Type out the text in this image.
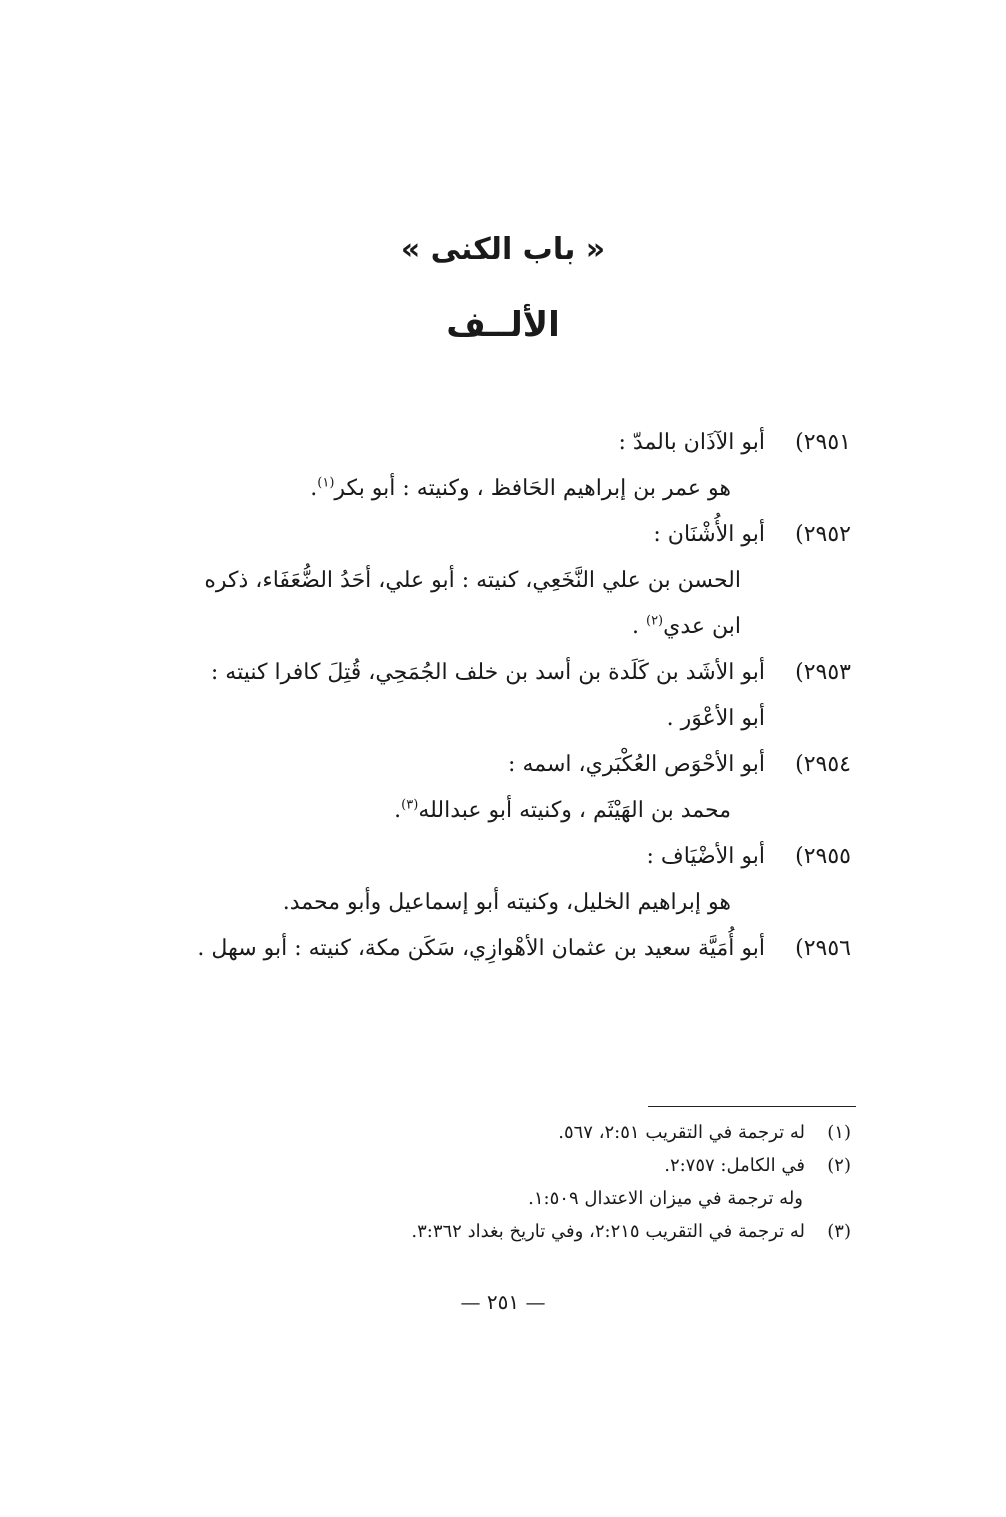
« باب الكنى »
الألــف
٢٩٥١)أبو الآذَان بالمدّ :
هو عمر بن إبراهيم الحَافظ ، وكنيته : أبو بكر$^{(١)}$.
٢٩٥٢)أبو الأُشْنَان :
الحسن بن علي النَّخَعِي، كنيته : أبو علي، أحَدُ الضُّعَفَاء، ذكره
ابن عدي$^{(٢)}$ .
٢٩٥٣)أبو الأشَد بن كَلَدة بن أسد بن خلف الجُمَحِي، قُتِلَ كافرا كنيته :
أبو الأعْوَر .
٢٩٥٤)أبو الأحْوَص العُكْبَري، اسمه :
محمد بن الهَيْثَم ، وكنيته أبو عبدالله$^{(٣)}$.
٢٩٥٥)أبو الأضْيَاف :
هو إبراهيم الخليل، وكنيته أبو إسماعيل وأبو محمد.
٢٩٥٦)أبو أُمَيَّة سعيد بن عثمان الأهْوازِي، سَكَن مكة، كنيته : أبو سهل .
(١)له ترجمة في التقريب ٢:٥١، ٥٦٧.
(٢)في الكامل: ٢:٧٥٧.
وله ترجمة في ميزان الاعتدال ١:٥٠٩.
(٣)له ترجمة في التقريب ٢:٢١٥، وفي تاريخ بغداد ٣:٣٦٢.
— ٢٥١ —
